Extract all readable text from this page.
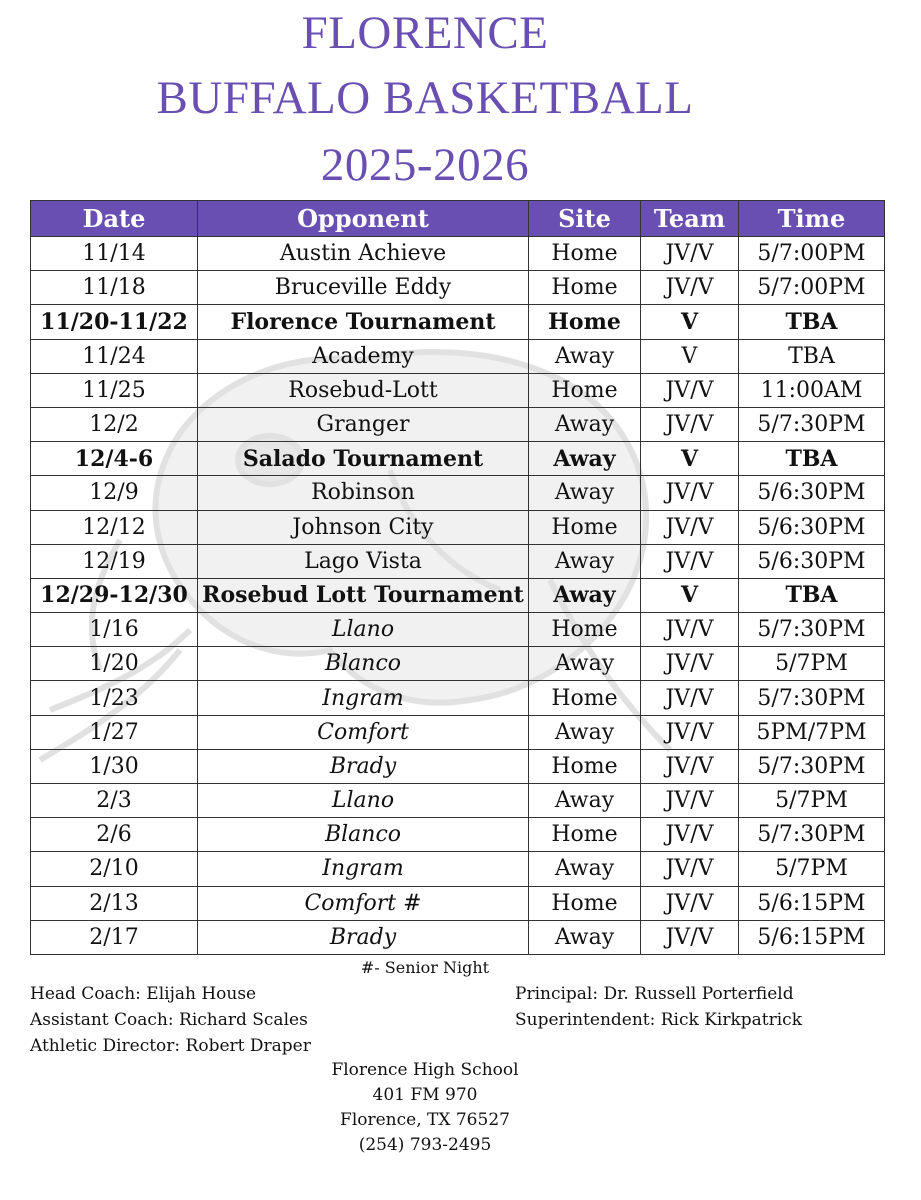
FLORENCE
BUFFALO BASKETBALL
2025-2026
Date	Opponent	Site	Team	Time
11/14	Austin Achieve	Home	JV/V	5/7:00PM
11/18	Bruceville Eddy	Home	JV/V	5/7:00PM
11/20-11/22	Florence Tournament	Home	V	TBA
11/24	Academy	Away	V	TBA
11/25	Rosebud-Lott	Home	JV/V	11:00AM
12/2	Granger	Away	JV/V	5/7:30PM
12/4-6	Salado Tournament	Away	V	TBA
12/9	Robinson	Away	JV/V	5/6:30PM
12/12	Johnson City	Home	JV/V	5/6:30PM
12/19	Lago Vista	Away	JV/V	5/6:30PM
12/29-12/30	Rosebud Lott Tournament	Away	V	TBA
1/16	Llano	Home	JV/V	5/7:30PM
1/20	Blanco	Away	JV/V	5/7PM
1/23	Ingram	Home	JV/V	5/7:30PM
1/27	Comfort	Away	JV/V	5PM/7PM
1/30	Brady	Home	JV/V	5/7:30PM
2/3	Llano	Away	JV/V	5/7PM
2/6	Blanco	Home	JV/V	5/7:30PM
2/10	Ingram	Away	JV/V	5/7PM
2/13	Comfort #	Home	JV/V	5/6:15PM
2/17	Brady	Away	JV/V	5/6:15PM
#- Senior Night
Head Coach: Elijah House
Assistant Coach: Richard Scales
Athletic Director: Robert Draper
Principal: Dr. Russell Porterfield
Superintendent: Rick Kirkpatrick
Florence High School
401 FM 970
Florence, TX 76527
(254) 793-2495
